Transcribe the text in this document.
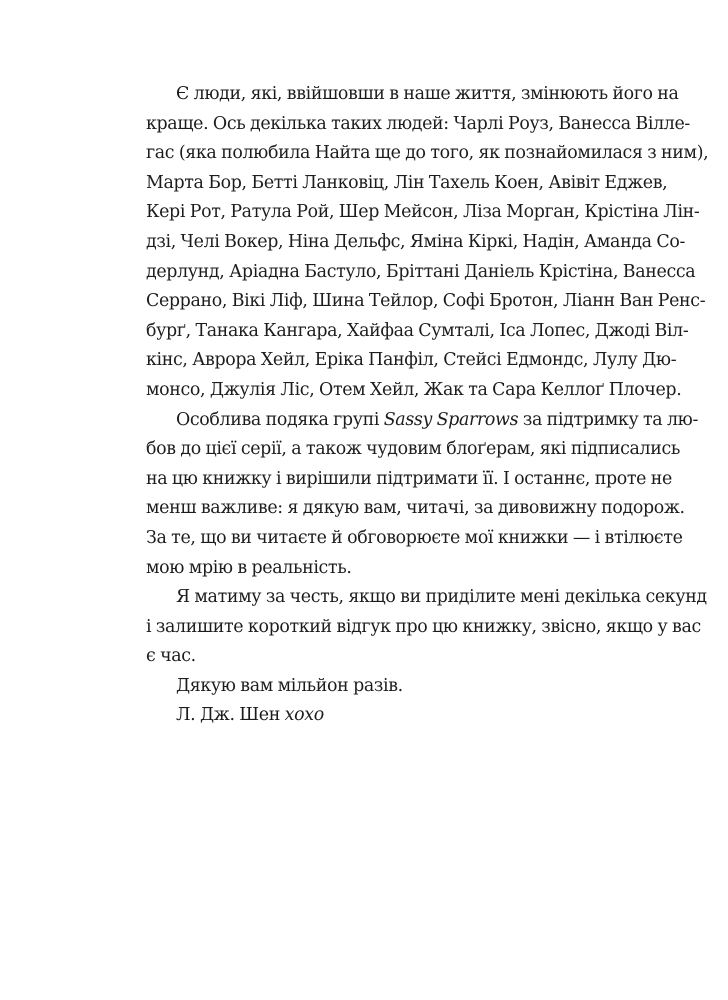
Є люди, які, ввійшовши в наше життя, змінюють його на
краще. Ось декілька таких людей: Чарлі Роуз, Ванесса Віллe-
гас (яка полюбила Найта ще до того, як познайомилася з ним),
Марта Бор, Бетті Ланковіц, Лін Тахель Коен, Авівіт Еджев,
Кері Рот, Ратула Рой, Шер Мейсон, Ліза Морган, Крістіна Лін-
дзі, Челі Вокер, Ніна Дельфс, Яміна Кіркі, Надін, Аманда Со-
дерлунд, Аріадна Бастуло, Бріттані Даніель Крістіна, Ванесса
Серрано, Вікі Ліф, Шина Тейлор, Софі Бротон, Ліанн Ван Ренс-
бурґ, Танака Кангара, Хайфаа Сумталі, Іса Лопес, Джоді Віл-
кінс, Аврора Хейл, Еріка Панфіл, Стейсі Едмондс, Лулу Дю-
монсо, Джулія Ліс, Отем Хейл, Жак та Сара Келлоґ Плочер.
Особлива подяка групі Sassy Sparrows за підтримку та лю-
бов до цієї серії, а також чудовим блоґерам, які підписались
на цю книжку і вирішили підтримати її. І останнє, проте не
менш важливе: я дякую вам, читачі, за дивовижну подорож.
За те, що ви читаєте й обговорюєте мої книжки — і втілюєте
мою мрію в реальність.
Я матиму за честь, якщо ви приділите мені декілька секунд
і залишите короткий відгук про цю книжку, звісно, якщо у вас
є час.
Дякую вам мільйон разів.
Л. Дж. Шен xoxo
